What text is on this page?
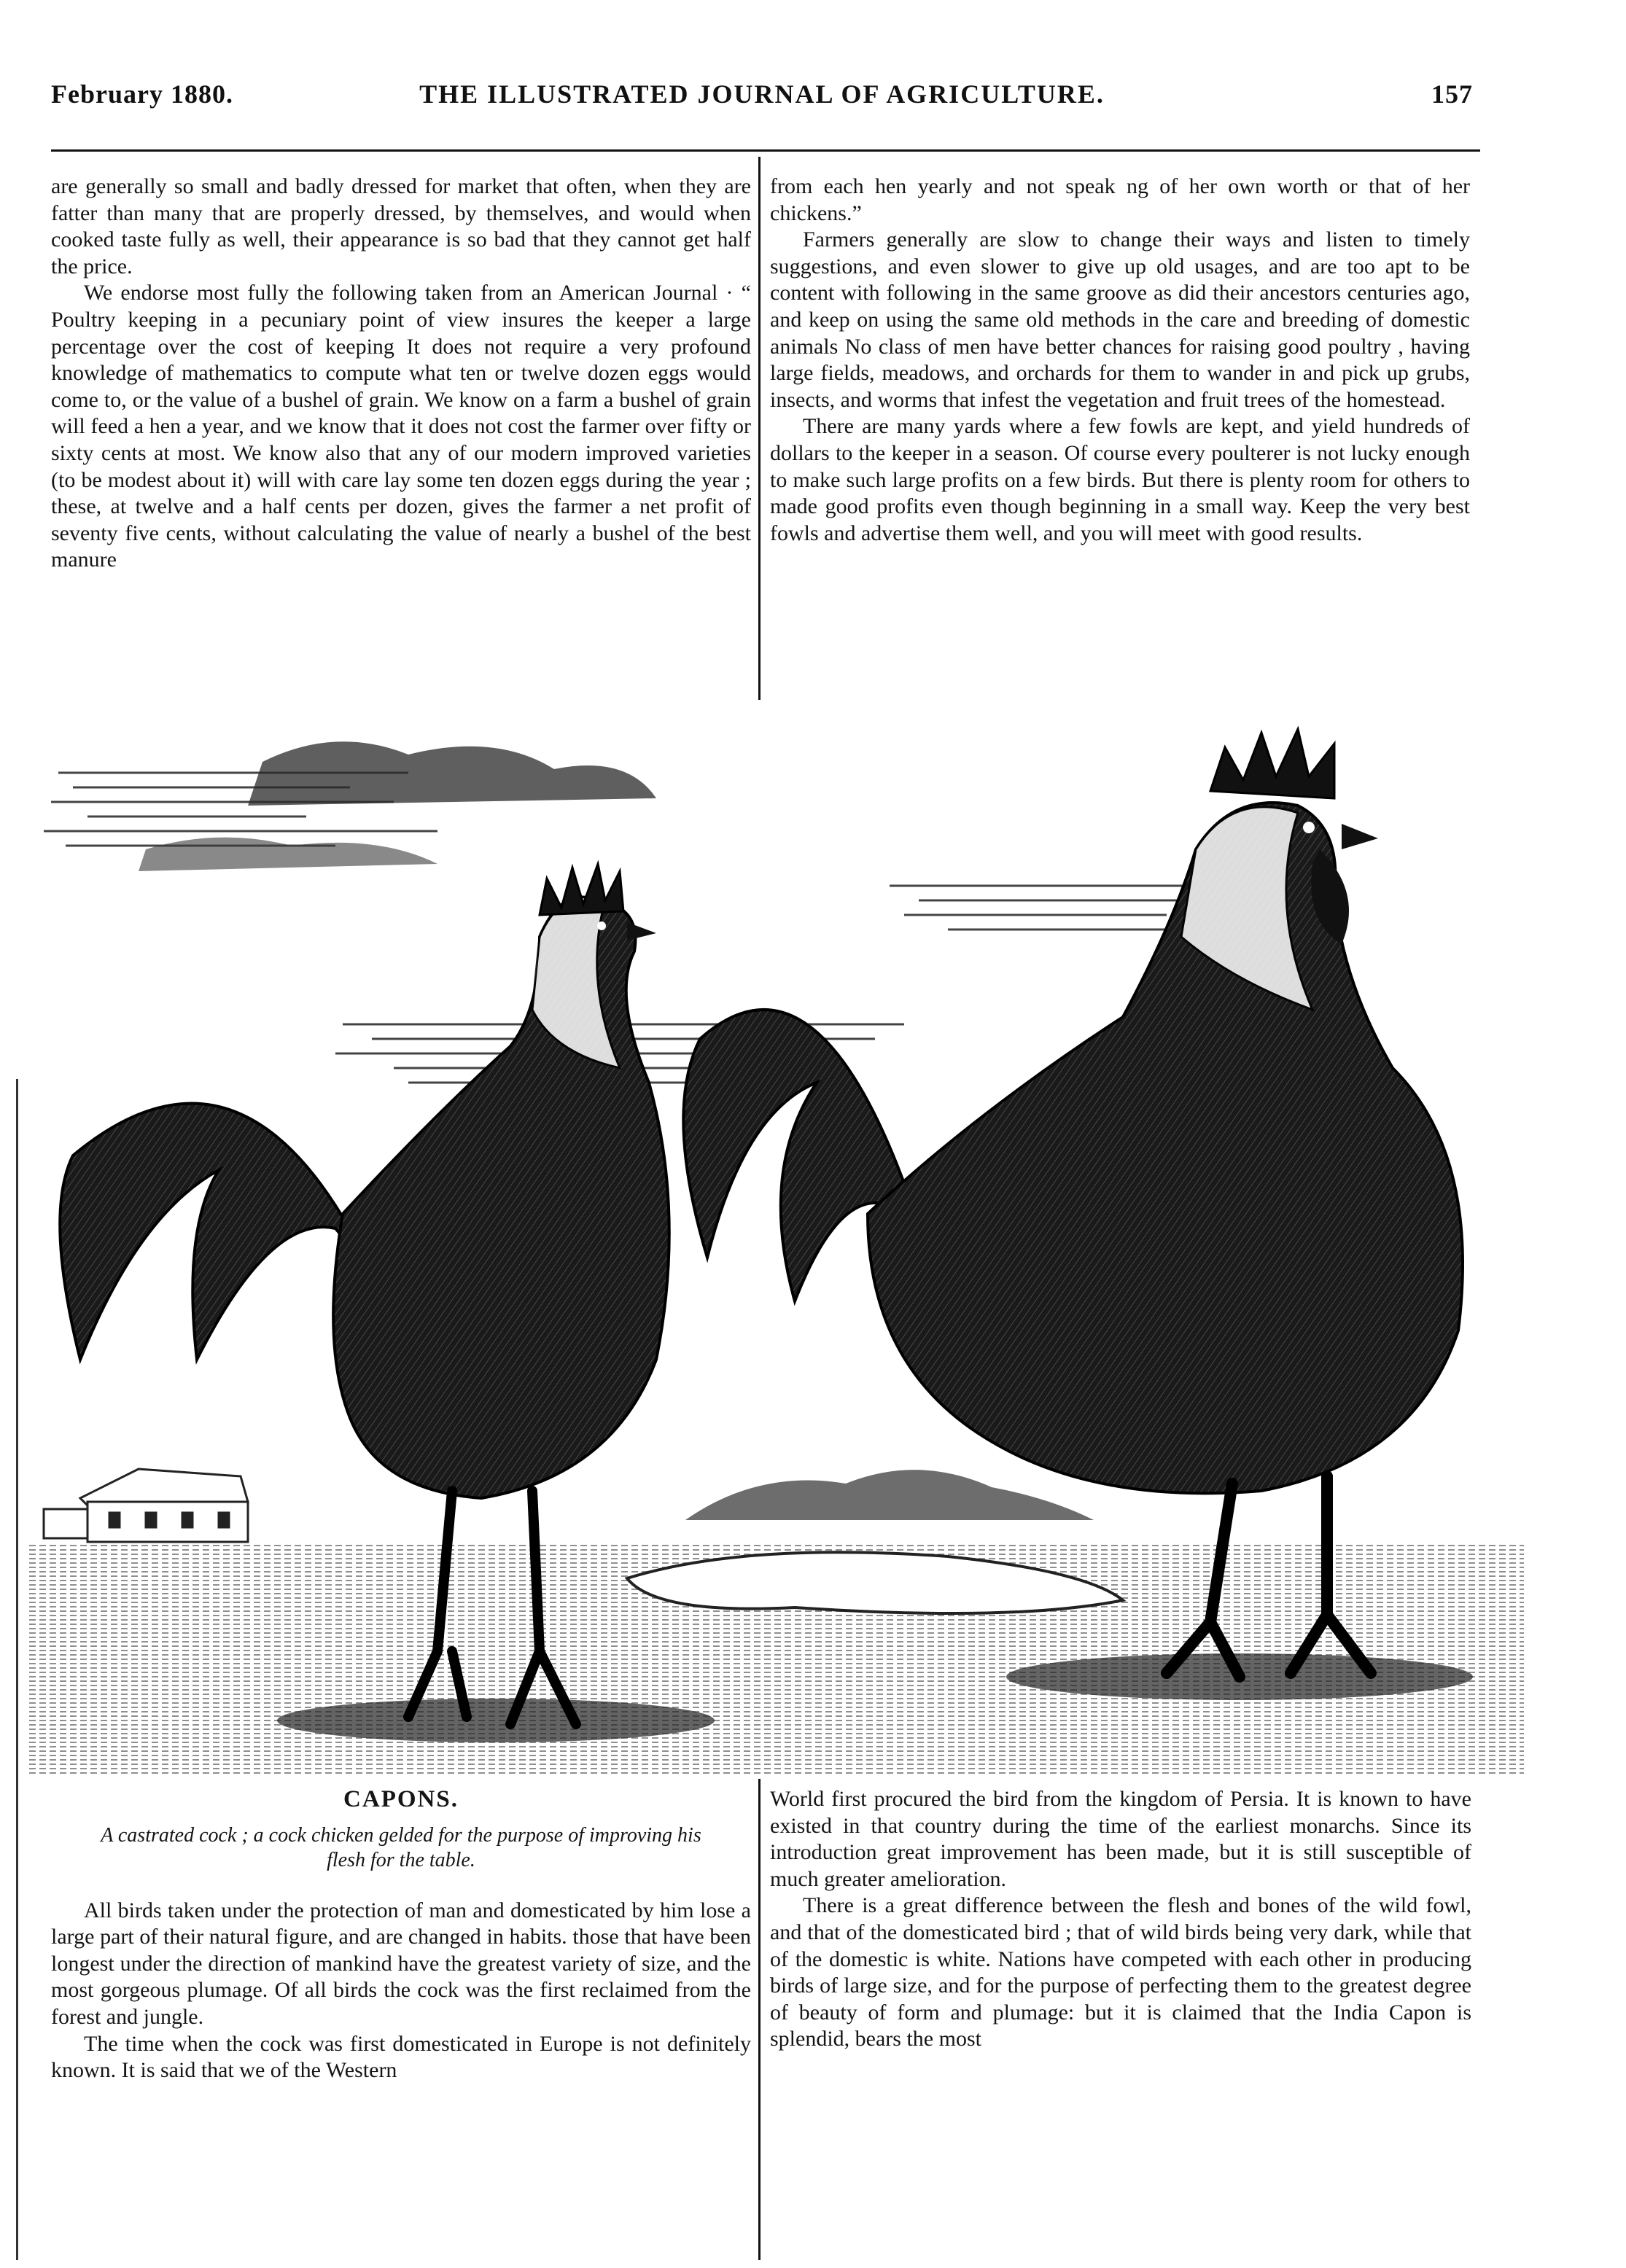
February 1880.	THE ILLUSTRATED JOURNAL OF AGRICULTURE.	157

are generally so small and badly dressed for market that often, when they are fatter than many that are properly dressed, by themselves, and would when cooked taste fully as well, their appearance is so bad that they cannot get half the price.

We endorse most fully the following taken from an American Journal · “ Poultry keeping in a pecuniary point of view insures the keeper a large percentage over the cost of keeping It does not require a very profound knowledge of mathematics to compute what ten or twelve dozen eggs would come to, or the value of a bushel of grain. We know on a farm a bushel of grain will feed a hen a year, and we know that it does not cost the farmer over fifty or sixty cents at most. We know also that any of our modern improved varieties (to be modest about it) will with care lay some ten dozen eggs during the year ; these, at twelve and a half cents per dozen, gives the farmer a net profit of seventy five cents, without calculating the value of nearly a bushel of the best manure

from each hen yearly and not speak ng of her own worth or that of her chickens.”

Farmers generally are slow to change their ways and listen to timely suggestions, and even slower to give up old usages, and are too apt to be content with following in the same groove as did their ancestors centuries ago, and keep on using the same old methods in the care and breeding of domestic animals No class of men have better chances for raising good poultry , having large fields, meadows, and orchards for them to wander in and pick up grubs, insects, and worms that infest the vegetation and fruit trees of the homestead.

There are many yards where a few fowls are kept, and yield hundreds of dollars to the keeper in a season. Of course every poulterer is not lucky enough to make such large profits on a few birds. But there is plenty room for others to made good profits even though beginning in a small way. Keep the very best fowls and advertise them well, and you will meet with good results.

CAPONS.
A castrated cock ; a cock chicken gelded for the purpose of improving his flesh for the table.

All birds taken under the protection of man and domesticated by him lose a large part of their natural figure, and are changed in habits. those that have been longest under the direction of mankind have the greatest variety of size, and the most gorgeous plumage. Of all birds the cock was the first reclaimed from the forest and jungle.

The time when the cock was first domesticated in Europe is not definitely known. It is said that we of the Western

World first procured the bird from the kingdom of Persia. It is known to have existed in that country during the time of the earliest monarchs. Since its introduction great improvement has been made, but it is still susceptible of much greater amelioration.

There is a great difference between the flesh and bones of the wild fowl, and that of the domesticated bird ; that of wild birds being very dark, while that of the domestic is white. Nations have competed with each other in producing birds of large size, and for the purpose of perfecting them to the greatest degree of beauty of form and plumage: but it is claimed that the India Capon is splendid, bears the most
